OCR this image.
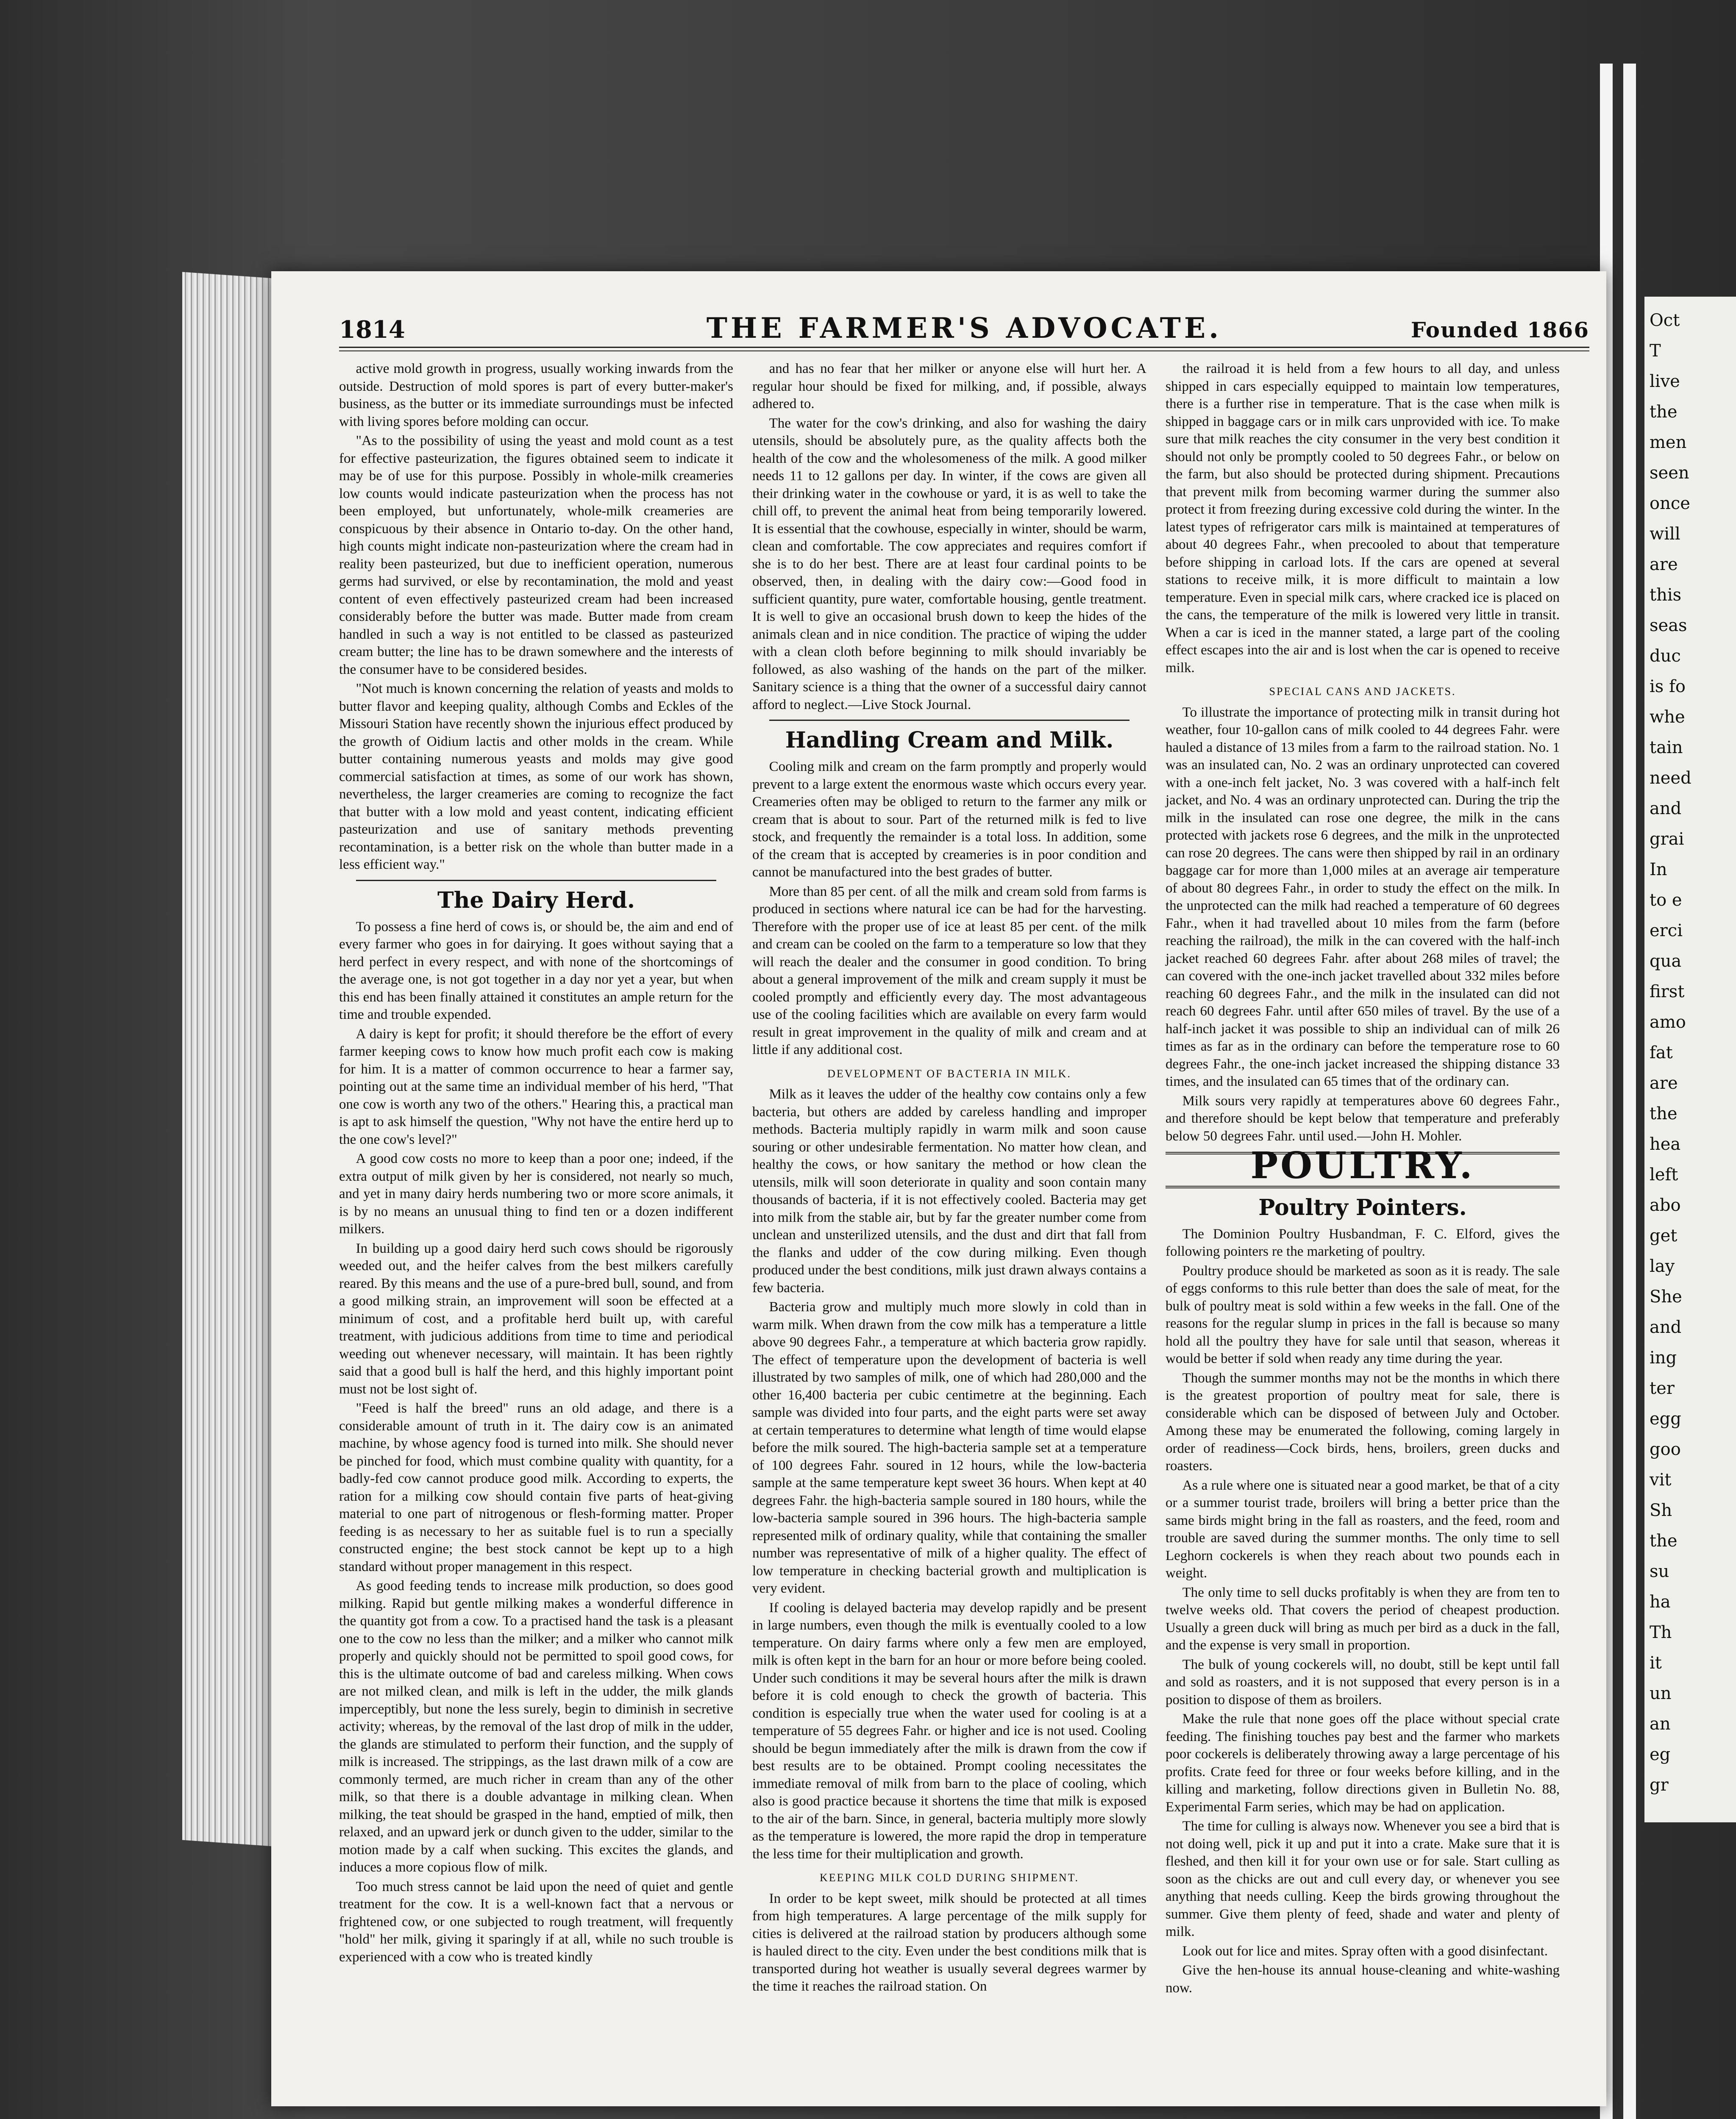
Oct
T
live
the
men
seen
once
will
are
this
seas
duc
is fo
whe
tain
need
and
grai
In
to e
erci
qua
first
amo
fat
are
the
hea
left
abo
get
lay
She
and
ing
ter
egg
goo
vit
Sh
the
su
ha
Th
it
un
an
eg
gr
1814	THE FARMER'S ADVOCATE.	Founded 1866

active mold growth in progress, usually working inwards from the outside. Destruction of mold spores is part of every butter-maker's business, as the butter or its immediate surroundings must be infected with living spores before molding can occur.

"As to the possibility of using the yeast and mold count as a test for effective pasteurization, the figures obtained seem to indicate it may be of use for this purpose. Possibly in whole-milk creameries low counts would indicate pasteurization when the process has not been employed, but unfortunately, whole-milk creameries are conspicuous by their absence in Ontario to-day. On the other hand, high counts might indicate non-pasteurization where the cream had in reality been pasteurized, but due to inefficient operation, numerous germs had survived, or else by recontamination, the mold and yeast content of even effectively pasteurized cream had been increased considerably before the butter was made. Butter made from cream handled in such a way is not entitled to be classed as pasteurized cream butter; the line has to be drawn somewhere and the interests of the consumer have to be considered besides.

"Not much is known concerning the relation of yeasts and molds to butter flavor and keeping quality, although Combs and Eckles of the Missouri Station have recently shown the injurious effect produced by the growth of Oidium lactis and other molds in the cream. While butter containing numerous yeasts and molds may give good commercial satisfaction at times, as some of our work has shown, nevertheless, the larger creameries are coming to recognize the fact that butter with a low mold and yeast content, indicating efficient pasteurization and use of sanitary methods preventing recontamination, is a better risk on the whole than butter made in a less efficient way."

The Dairy Herd.

To possess a fine herd of cows is, or should be, the aim and end of every farmer who goes in for dairying. It goes without saying that a herd perfect in every respect, and with none of the shortcomings of the average one, is not got together in a day nor yet a year, but when this end has been finally attained it constitutes an ample return for the time and trouble expended.

A dairy is kept for profit; it should therefore be the effort of every farmer keeping cows to know how much profit each cow is making for him. It is a matter of common occurrence to hear a farmer say, pointing out at the same time an individual member of his herd, "That one cow is worth any two of the others." Hearing this, a practical man is apt to ask himself the question, "Why not have the entire herd up to the one cow's level?"

A good cow costs no more to keep than a poor one; indeed, if the extra output of milk given by her is considered, not nearly so much, and yet in many dairy herds numbering two or more score animals, it is by no means an unusual thing to find ten or a dozen indifferent milkers.

In building up a good dairy herd such cows should be rigorously weeded out, and the heifer calves from the best milkers carefully reared. By this means and the use of a pure-bred bull, sound, and from a good milking strain, an improvement will soon be effected at a minimum of cost, and a profitable herd built up, with careful treatment, with judicious additions from time to time and periodical weeding out whenever necessary, will maintain. It has been rightly said that a good bull is half the herd, and this highly important point must not be lost sight of.

"Feed is half the breed" runs an old adage, and there is a considerable amount of truth in it. The dairy cow is an animated machine, by whose agency food is turned into milk. She should never be pinched for food, which must combine quality with quantity, for a badly-fed cow cannot produce good milk. According to experts, the ration for a milking cow should contain five parts of heat-giving material to one part of nitrogenous or flesh-forming matter. Proper feeding is as necessary to her as suitable fuel is to run a specially constructed engine; the best stock cannot be kept up to a high standard without proper management in this respect.

As good feeding tends to increase milk production, so does good milking. Rapid but gentle milking makes a wonderful difference in the quantity got from a cow. To a practised hand the task is a pleasant one to the cow no less than the milker; and a milker who cannot milk properly and quickly should not be permitted to spoil good cows, for this is the ultimate outcome of bad and careless milking. When cows are not milked clean, and milk is left in the udder, the milk glands imperceptibly, but none the less surely, begin to diminish in secretive activity; whereas, by the removal of the last drop of milk in the udder, the glands are stimulated to perform their function, and the supply of milk is increased. The strippings, as the last drawn milk of a cow are commonly termed, are much richer in cream than any of the other milk, so that there is a double advantage in milking clean. When milking, the teat should be grasped in the hand, emptied of milk, then relaxed, and an upward jerk or dunch given to the udder, similar to the motion made by a calf when sucking. This excites the glands, and induces a more copious flow of milk.

Too much stress cannot be laid upon the need of quiet and gentle treatment for the cow. It is a well-known fact that a nervous or frightened cow, or one subjected to rough treatment, will frequently "hold" her milk, giving it sparingly if at all, while no such trouble is experienced with a cow who is treated kindly

and has no fear that her milker or anyone else will hurt her. A regular hour should be fixed for milking, and, if possible, always adhered to.

The water for the cow's drinking, and also for washing the dairy utensils, should be absolutely pure, as the quality affects both the health of the cow and the wholesomeness of the milk. A good milker needs 11 to 12 gallons per day. In winter, if the cows are given all their drinking water in the cowhouse or yard, it is as well to take the chill off, to prevent the animal heat from being temporarily lowered. It is essential that the cowhouse, especially in winter, should be warm, clean and comfortable. The cow appreciates and requires comfort if she is to do her best. There are at least four cardinal points to be observed, then, in dealing with the dairy cow:—Good food in sufficient quantity, pure water, comfortable housing, gentle treatment. It is well to give an occasional brush down to keep the hides of the animals clean and in nice condition. The practice of wiping the udder with a clean cloth before beginning to milk should invariably be followed, as also washing of the hands on the part of the milker. Sanitary science is a thing that the owner of a successful dairy cannot afford to neglect.—Live Stock Journal.

Handling Cream and Milk.

Cooling milk and cream on the farm promptly and properly would prevent to a large extent the enormous waste which occurs every year. Creameries often may be obliged to return to the farmer any milk or cream that is about to sour. Part of the returned milk is fed to live stock, and frequently the remainder is a total loss. In addition, some of the cream that is accepted by creameries is in poor condition and cannot be manufactured into the best grades of butter.

More than 85 per cent. of all the milk and cream sold from farms is produced in sections where natural ice can be had for the harvesting. Therefore with the proper use of ice at least 85 per cent. of the milk and cream can be cooled on the farm to a temperature so low that they will reach the dealer and the consumer in good condition. To bring about a general improvement of the milk and cream supply it must be cooled promptly and efficiently every day. The most advantageous use of the cooling facilities which are available on every farm would result in great improvement in the quality of milk and cream and at little if any additional cost.

DEVELOPMENT OF BACTERIA IN MILK.

Milk as it leaves the udder of the healthy cow contains only a few bacteria, but others are added by careless handling and improper methods. Bacteria multiply rapidly in warm milk and soon cause souring or other undesirable fermentation. No matter how clean, and healthy the cows, or how sanitary the method or how clean the utensils, milk will soon deteriorate in quality and soon contain many thousands of bacteria, if it is not effectively cooled. Bacteria may get into milk from the stable air, but by far the greater number come from unclean and unsterilized utensils, and the dust and dirt that fall from the flanks and udder of the cow during milking. Even though produced under the best conditions, milk just drawn always contains a few bacteria.

Bacteria grow and multiply much more slowly in cold than in warm milk. When drawn from the cow milk has a temperature a little above 90 degrees Fahr., a temperature at which bacteria grow rapidly. The effect of temperature upon the development of bacteria is well illustrated by two samples of milk, one of which had 280,000 and the other 16,400 bacteria per cubic centimetre at the beginning. Each sample was divided into four parts, and the eight parts were set away at certain temperatures to determine what length of time would elapse before the milk soured. The high-bacteria sample set at a temperature of 100 degrees Fahr. soured in 12 hours, while the low-bacteria sample at the same temperature kept sweet 36 hours. When kept at 40 degrees Fahr. the high-bacteria sample soured in 180 hours, while the low-bacteria sample soured in 396 hours. The high-bacteria sample represented milk of ordinary quality, while that containing the smaller number was representative of milk of a higher quality. The effect of low temperature in checking bacterial growth and multiplication is very evident.

If cooling is delayed bacteria may develop rapidly and be present in large numbers, even though the milk is eventually cooled to a low temperature. On dairy farms where only a few men are employed, milk is often kept in the barn for an hour or more before being cooled. Under such conditions it may be several hours after the milk is drawn before it is cold enough to check the growth of bacteria. This condition is especially true when the water used for cooling is at a temperature of 55 degrees Fahr. or higher and ice is not used. Cooling should be begun immediately after the milk is drawn from the cow if best results are to be obtained. Prompt cooling necessitates the immediate removal of milk from barn to the place of cooling, which also is good practice because it shortens the time that milk is exposed to the air of the barn. Since, in general, bacteria multiply more slowly as the temperature is lowered, the more rapid the drop in temperature the less time for their multiplication and growth.

KEEPING MILK COLD DURING SHIPMENT.

In order to be kept sweet, milk should be protected at all times from high temperatures. A large percentage of the milk supply for cities is delivered at the railroad station by producers although some is hauled direct to the city. Even under the best conditions milk that is transported during hot weather is usually several degrees warmer by the time it reaches the railroad station. On

the railroad it is held from a few hours to all day, and unless shipped in cars especially equipped to maintain low temperatures, there is a further rise in temperature. That is the case when milk is shipped in baggage cars or in milk cars unprovided with ice. To make sure that milk reaches the city consumer in the very best condition it should not only be promptly cooled to 50 degrees Fahr., or below on the farm, but also should be protected during shipment. Precautions that prevent milk from becoming warmer during the summer also protect it from freezing during excessive cold during the winter. In the latest types of refrigerator cars milk is maintained at temperatures of about 40 degrees Fahr., when precooled to about that temperature before shipping in carload lots. If the cars are opened at several stations to receive milk, it is more difficult to maintain a low temperature. Even in special milk cars, where cracked ice is placed on the cans, the temperature of the milk is lowered very little in transit. When a car is iced in the manner stated, a large part of the cooling effect escapes into the air and is lost when the car is opened to receive milk.

SPECIAL CANS AND JACKETS.

To illustrate the importance of protecting milk in transit during hot weather, four 10-gallon cans of milk cooled to 44 degrees Fahr. were hauled a distance of 13 miles from a farm to the railroad station. No. 1 was an insulated can, No. 2 was an ordinary unprotected can covered with a one-inch felt jacket, No. 3 was covered with a half-inch felt jacket, and No. 4 was an ordinary unprotected can. During the trip the milk in the insulated can rose one degree, the milk in the cans protected with jackets rose 6 degrees, and the milk in the unprotected can rose 20 degrees. The cans were then shipped by rail in an ordinary baggage car for more than 1,000 miles at an average air temperature of about 80 degrees Fahr., in order to study the effect on the milk. In the unprotected can the milk had reached a temperature of 60 degrees Fahr., when it had travelled about 10 miles from the farm (before reaching the railroad), the milk in the can covered with the half-inch jacket reached 60 degrees Fahr. after about 268 miles of travel; the can covered with the one-inch jacket travelled about 332 miles before reaching 60 degrees Fahr., and the milk in the insulated can did not reach 60 degrees Fahr. until after 650 miles of travel. By the use of a half-inch jacket it was possible to ship an individual can of milk 26 times as far as in the ordinary can before the temperature rose to 60 degrees Fahr., the one-inch jacket increased the shipping distance 33 times, and the insulated can 65 times that of the ordinary can.

Milk sours very rapidly at temperatures above 60 degrees Fahr., and therefore should be kept below that temperature and preferably below 50 degrees Fahr. until used.—John H. Mohler.

POULTRY.
Poultry Pointers.

The Dominion Poultry Husbandman, F. C. Elford, gives the following pointers re the marketing of poultry.

Poultry produce should be marketed as soon as it is ready. The sale of eggs conforms to this rule better than does the sale of meat, for the bulk of poultry meat is sold within a few weeks in the fall. One of the reasons for the regular slump in prices in the fall is because so many hold all the poultry they have for sale until that season, whereas it would be better if sold when ready any time during the year.

Though the summer months may not be the months in which there is the greatest proportion of poultry meat for sale, there is considerable which can be disposed of between July and October. Among these may be enumerated the following, coming largely in order of readiness—Cock birds, hens, broilers, green ducks and roasters.

As a rule where one is situated near a good market, be that of a city or a summer tourist trade, broilers will bring a better price than the same birds might bring in the fall as roasters, and the feed, room and trouble are saved during the summer months. The only time to sell Leghorn cockerels is when they reach about two pounds each in weight.

The only time to sell ducks profitably is when they are from ten to twelve weeks old. That covers the period of cheapest production. Usually a green duck will bring as much per bird as a duck in the fall, and the expense is very small in proportion.

The bulk of young cockerels will, no doubt, still be kept until fall and sold as roasters, and it is not supposed that every person is in a position to dispose of them as broilers.

Make the rule that none goes off the place without special crate feeding. The finishing touches pay best and the farmer who markets poor cockerels is deliberately throwing away a large percentage of his profits. Crate feed for three or four weeks before killing, and in the killing and marketing, follow directions given in Bulletin No. 88, Experimental Farm series, which may be had on application.

The time for culling is always now. Whenever you see a bird that is not doing well, pick it up and put it into a crate. Make sure that it is fleshed, and then kill it for your own use or for sale. Start culling as soon as the chicks are out and cull every day, or whenever you see anything that needs culling. Keep the birds growing throughout the summer. Give them plenty of feed, shade and water and plenty of milk.

Look out for lice and mites. Spray often with a good disinfectant.

Give the hen-house its annual house-cleaning and white-washing now.
